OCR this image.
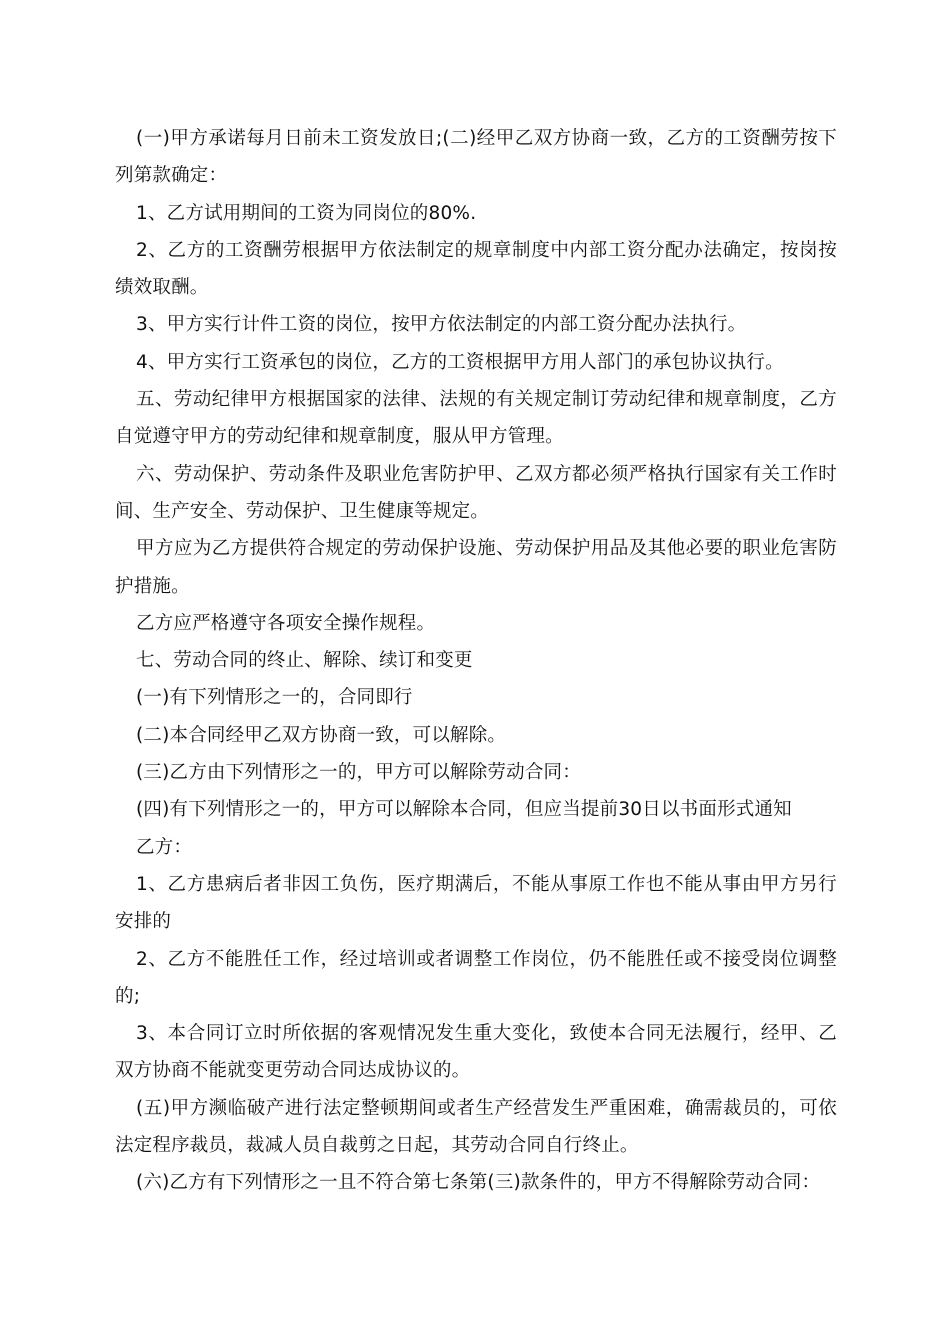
(一)甲方承诺每月日前未工资发放日;(二)经甲乙双方协商一致，乙方的工资酬劳按下列第款确定：

1、乙方试用期间的工资为同岗位的80%.

2、乙方的工资酬劳根据甲方依法制定的规章制度中内部工资分配办法确定，按岗按绩效取酬。

3、甲方实行计件工资的岗位，按甲方依法制定的内部工资分配办法执行。

4、甲方实行工资承包的岗位，乙方的工资根据甲方用人部门的承包协议执行。

五、劳动纪律甲方根据国家的法律、法规的有关规定制订劳动纪律和规章制度，乙方自觉遵守甲方的劳动纪律和规章制度，服从甲方管理。

六、劳动保护、劳动条件及职业危害防护甲、乙双方都必须严格执行国家有关工作时间、生产安全、劳动保护、卫生健康等规定。

甲方应为乙方提供符合规定的劳动保护设施、劳动保护用品及其他必要的职业危害防护措施。

乙方应严格遵守各项安全操作规程。

七、劳动合同的终止、解除、续订和变更

(一)有下列情形之一的，合同即行

(二)本合同经甲乙双方协商一致，可以解除。

(三)乙方由下列情形之一的，甲方可以解除劳动合同：

(四)有下列情形之一的，甲方可以解除本合同，但应当提前30日以书面形式通知

乙方：

1、乙方患病后者非因工负伤，医疗期满后，不能从事原工作也不能从事由甲方另行安排的

2、乙方不能胜任工作，经过培训或者调整工作岗位，仍不能胜任或不接受岗位调整的;

3、本合同订立时所依据的客观情况发生重大变化，致使本合同无法履行，经甲、乙双方协商不能就变更劳动合同达成协议的。

(五)甲方濒临破产进行法定整顿期间或者生产经营发生严重困难，确需裁员的，可依法定程序裁员，裁减人员自裁剪之日起，其劳动合同自行终止。

(六)乙方有下列情形之一且不符合第七条第(三)款条件的，甲方不得解除劳动合同：
